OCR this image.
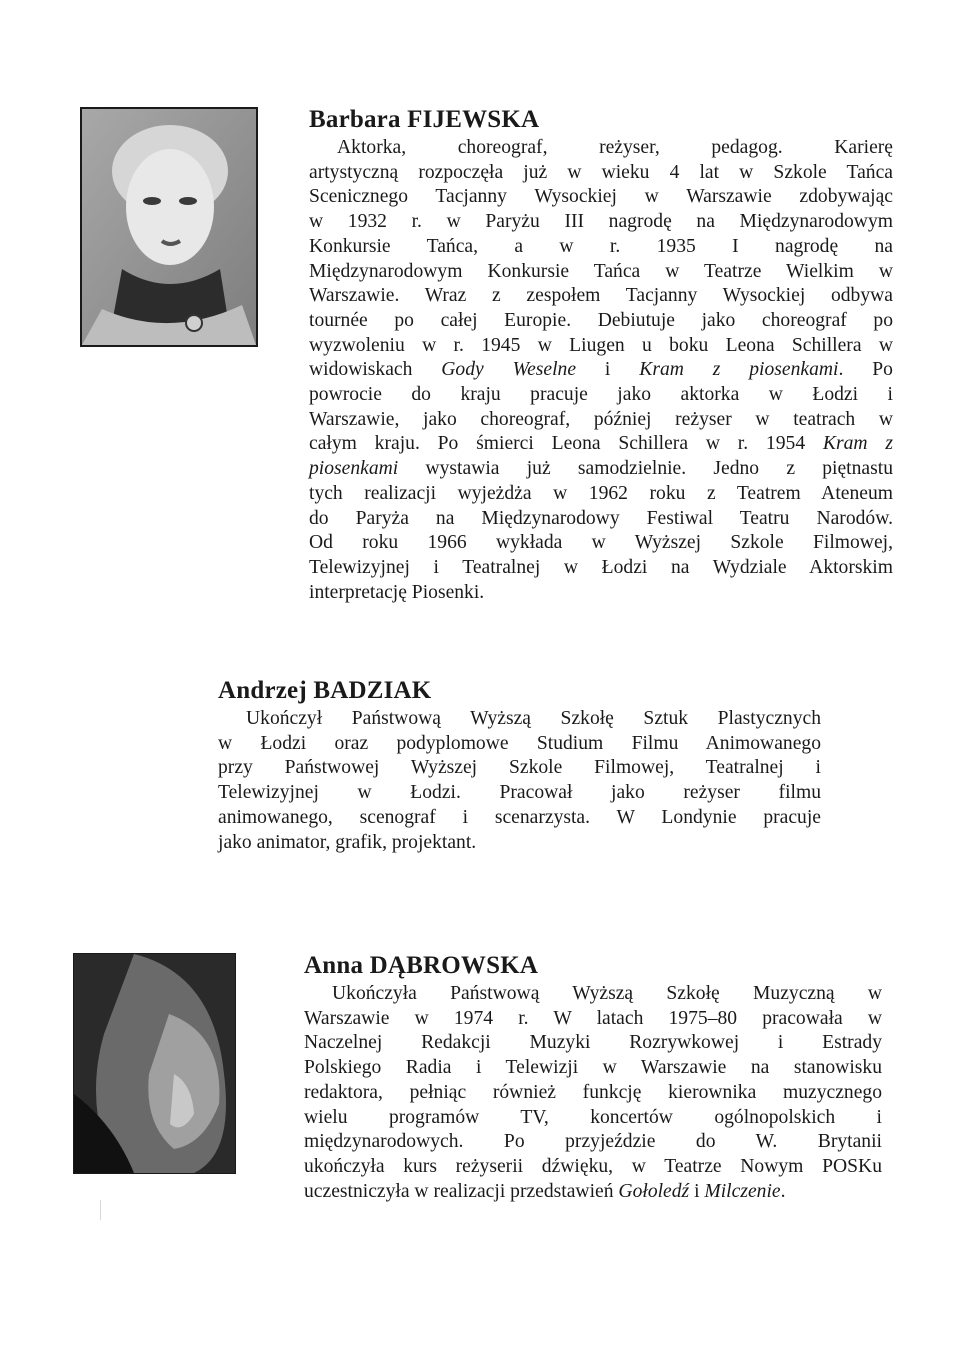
Barbara FIJEWSKA
Aktorka, choreograf, reżyser, pedagog. Karierę
artystyczną rozpoczęła już w wieku 4 lat w Szkole Tańca
Scenicznego Tacjanny Wysockiej w Warszawie zdobywając
w 1932 r. w Paryżu III nagrodę na Międzynarodowym
Konkursie Tańca, a w r. 1935 I nagrodę na
Międzynarodowym Konkursie Tańca w Teatrze Wielkim w
Warszawie. Wraz z zespołem Tacjanny Wysockiej odbywa
tournée po całej Europie. Debiutuje jako choreograf po
wyzwoleniu w r. 1945 w Liugen u boku Leona Schillera w
widowiskach Gody Weselne i Kram z piosenkami. Po
powrocie do kraju pracuje jako aktorka w Łodzi i
Warszawie, jako choreograf, później reżyser w teatrach w
całym kraju. Po śmierci Leona Schillera w r. 1954 Kram z
piosenkami wystawia już samodzielnie. Jedno z piętnastu
tych realizacji wyjeżdża w 1962 roku z Teatrem Ateneum
do Paryża na Międzynarodowy Festiwal Teatru Narodów.
Od roku 1966 wykłada w Wyższej Szkole Filmowej,
Telewizyjnej i Teatralnej w Łodzi na Wydziale Aktorskim
interpretację Piosenki.
Andrzej BADZIAK
Ukończył Państwową Wyższą Szkołę Sztuk Plastycznych
w Łodzi oraz podyplomowe Studium Filmu Animowanego
przy Państwowej Wyższej Szkole Filmowej, Teatralnej i
Telewizyjnej w Łodzi. Pracował jako reżyser filmu
animowanego, scenograf i scenarzysta. W Londynie pracuje
jako animator, grafik, projektant.
Anna DĄBROWSKA
Ukończyła Państwową Wyższą Szkołę Muzyczną w
Warszawie w 1974 r. W latach 1975–80 pracowała w
Naczelnej Redakcji Muzyki Rozrywkowej i Estrady
Polskiego Radia i Telewizji w Warszawie na stanowisku
redaktora, pełniąc również funkcję kierownika muzycznego
wielu programów TV, koncertów ogólnopolskich i
międzynarodowych. Po przyjeździe do W. Brytanii
ukończyła kurs reżyserii dźwięku, w Teatrze Nowym POSKu
uczestniczyła w realizacji przedstawień Gołoledź i Milczenie.
